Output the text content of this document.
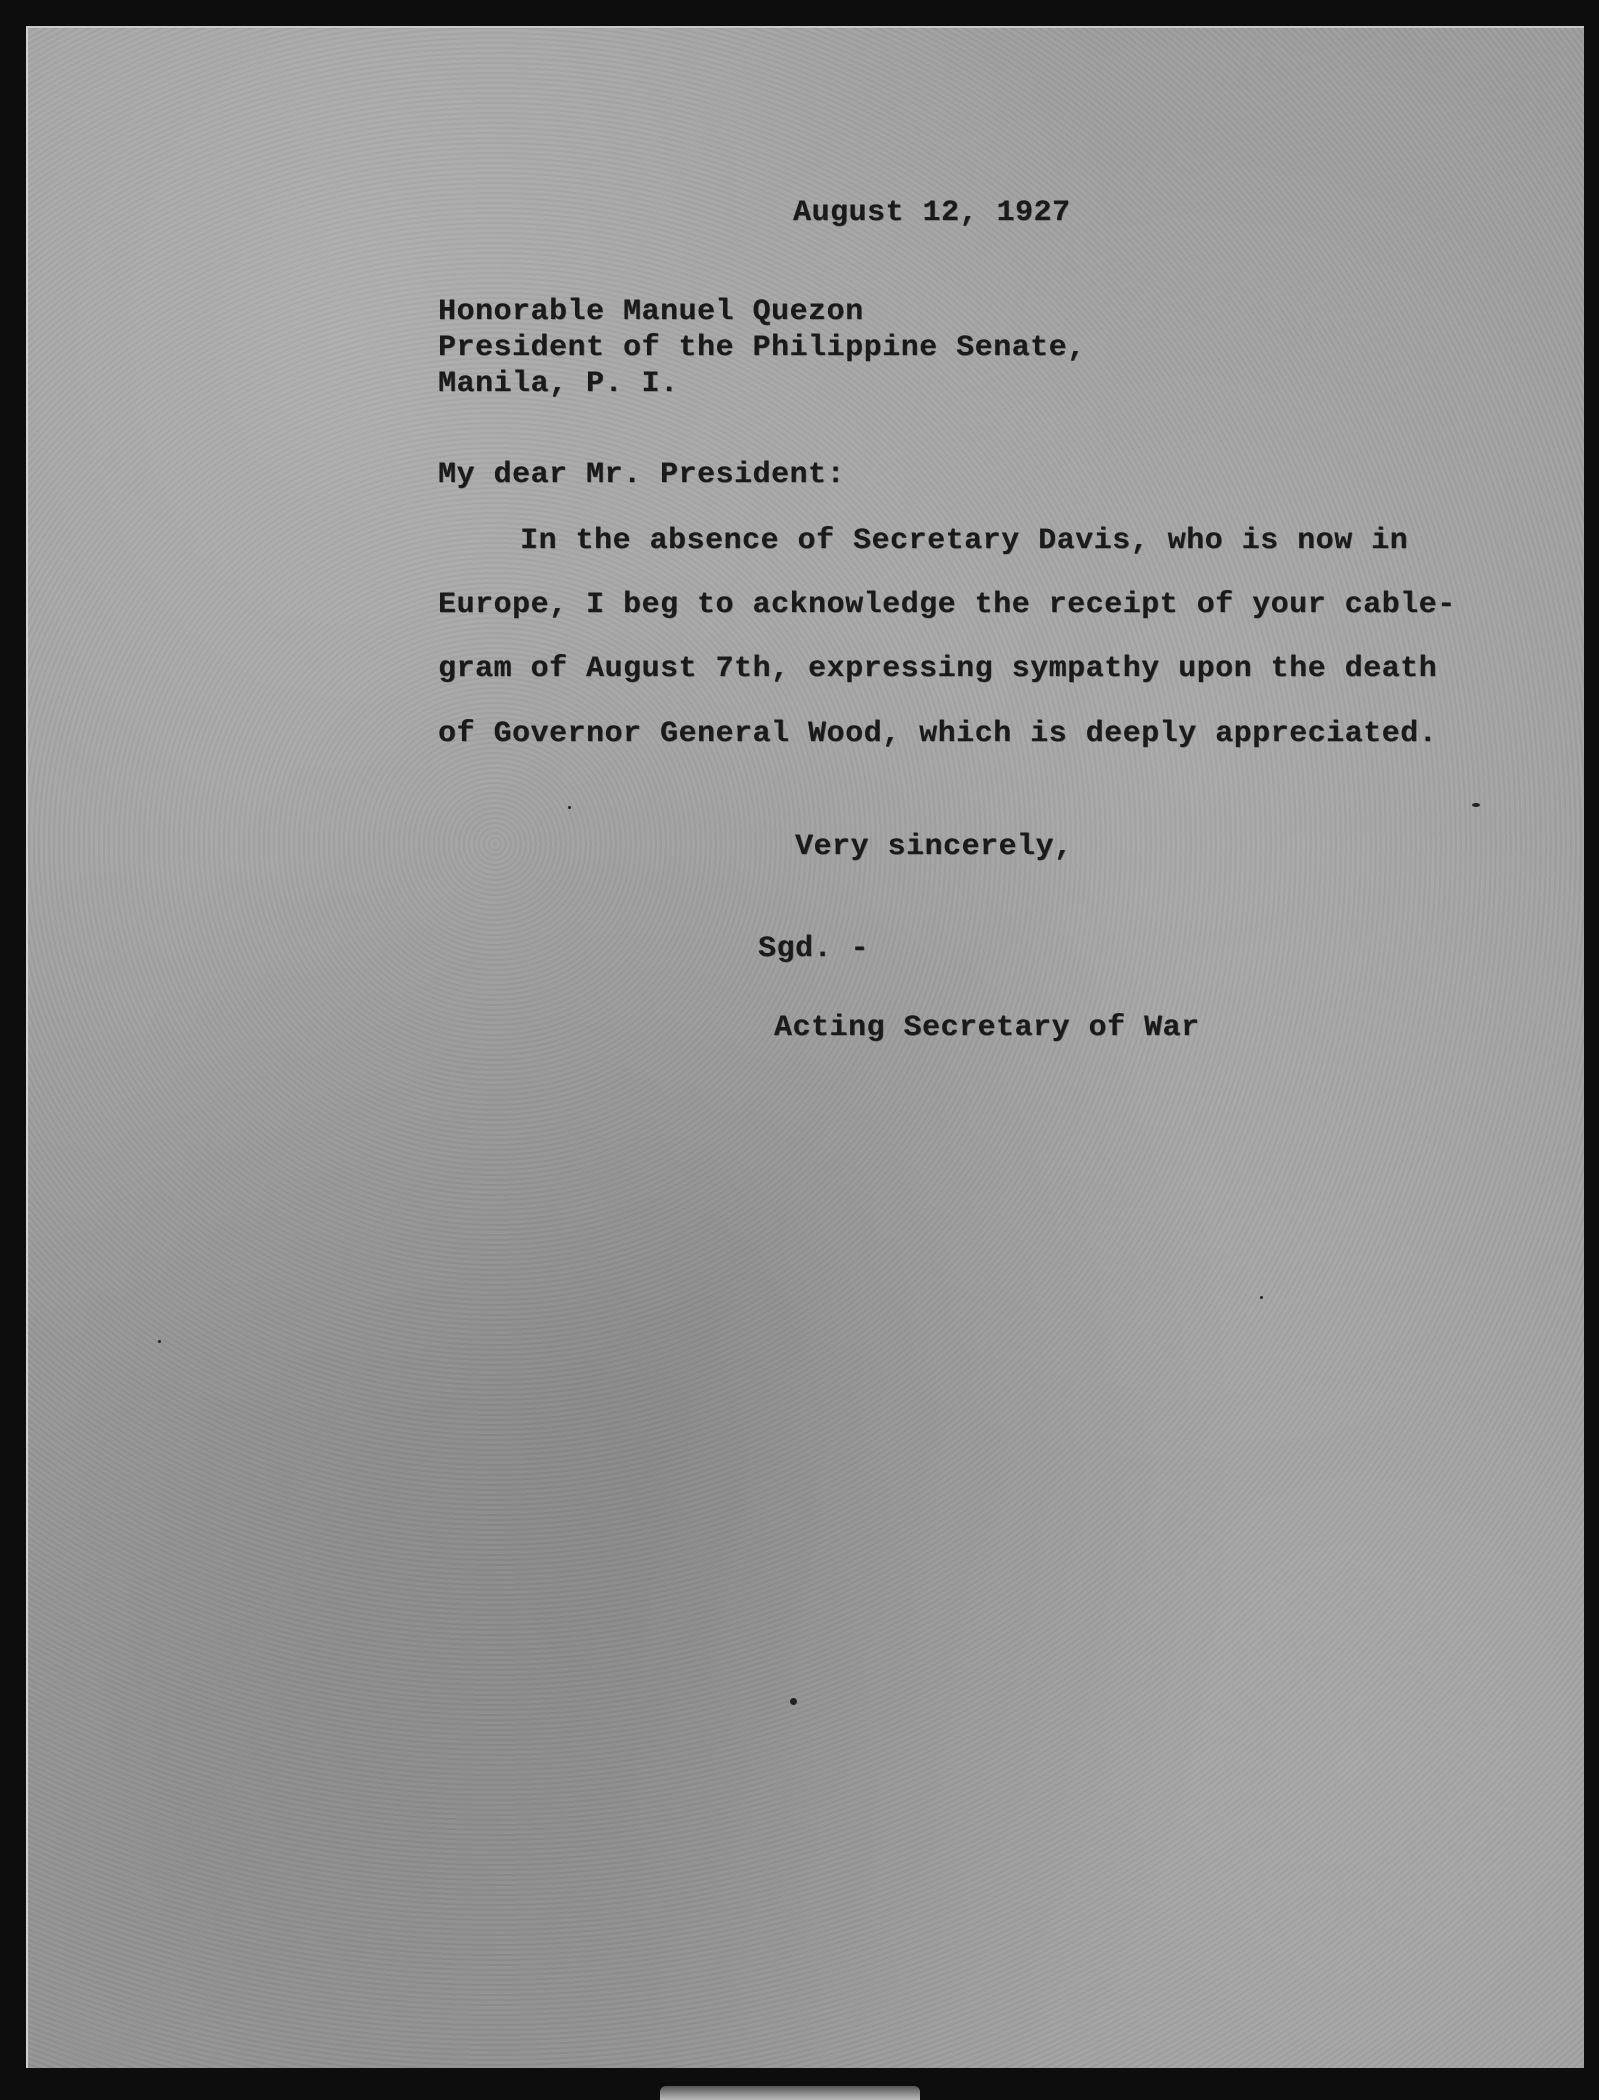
August 12, 1927
Honorable Manuel Quezon
President of the Philippine Senate,
Manila, P. I.
My dear Mr. President:
In the absence of Secretary Davis, who is now in
Europe, I beg to acknowledge the receipt of your cable-
gram of August 7th, expressing sympathy upon the death
of Governor General Wood, which is deeply appreciated.
Very sincerely,
Sgd. -
Acting Secretary of War
